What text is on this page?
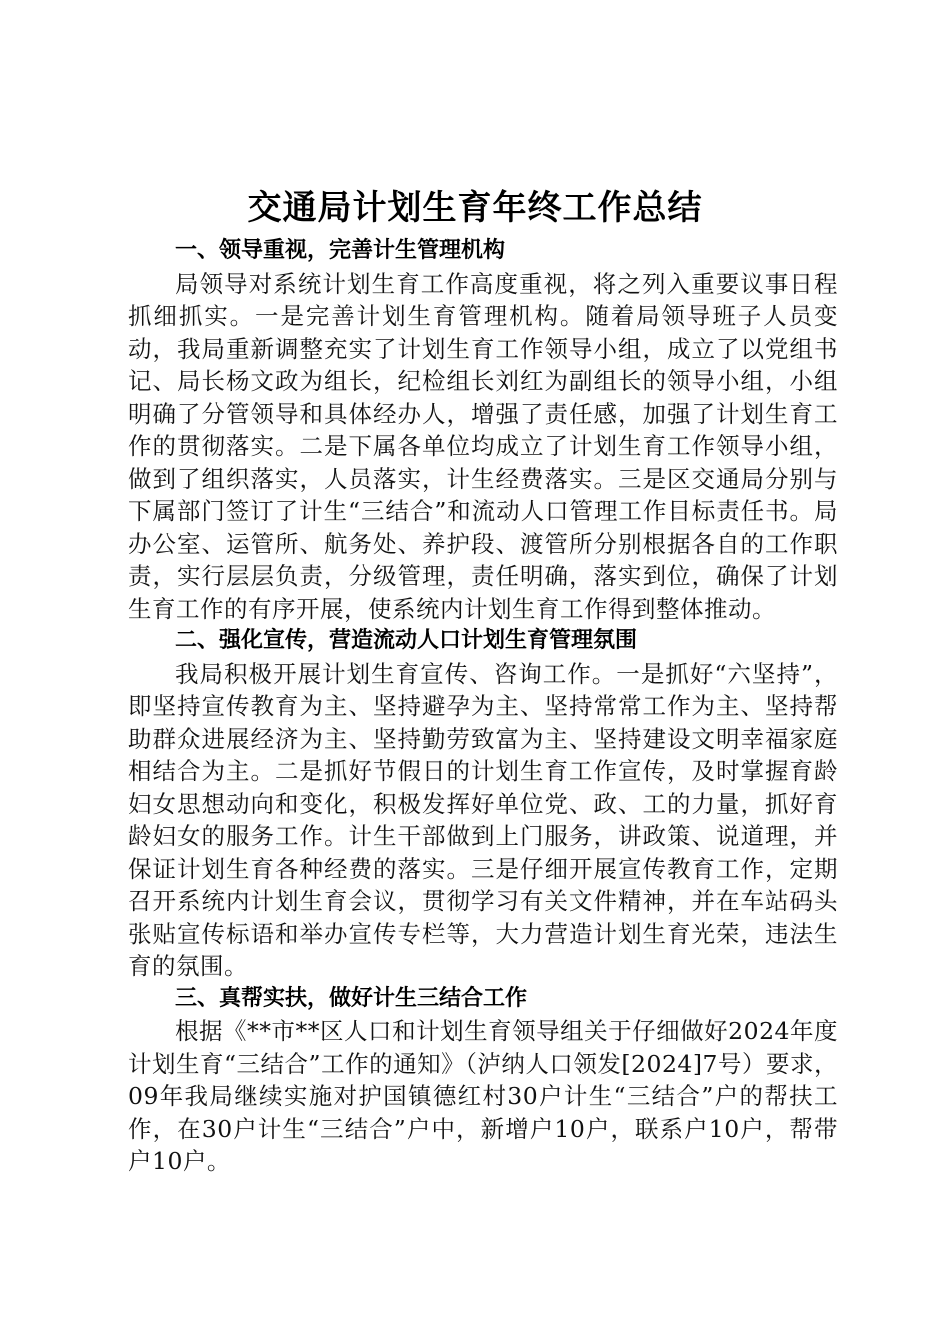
交通局计划生育年终工作总结
一、领导重视，完善计生管理机构

局领导对系统计划生育工作高度重视，将之列入重要议事日程抓细抓实。一是完善计划生育管理机构。随着局领导班子人员变动，我局重新调整充实了计划生育工作领导小组，成立了以党组书记、局长杨文政为组长，纪检组长刘红为副组长的领导小组，小组明确了分管领导和具体经办人，增强了责任感，加强了计划生育工作的贯彻落实。二是下属各单位均成立了计划生育工作领导小组，做到了组织落实，人员落实，计生经费落实。三是区交通局分别与下属部门签订了计生“三结合”和流动人口管理工作目标责任书。局办公室、运管所、航务处、养护段、渡管所分别根据各自的工作职责，实行层层负责，分级管理，责任明确，落实到位，确保了计划生育工作的有序开展，使系统内计划生育工作得到整体推动。

二、强化宣传，营造流动人口计划生育管理氛围

我局积极开展计划生育宣传、咨询工作。一是抓好“六坚持”，即坚持宣传教育为主、坚持避孕为主、坚持常常工作为主、坚持帮助群众进展经济为主、坚持勤劳致富为主、坚持建设文明幸福家庭相结合为主。二是抓好节假日的计划生育工作宣传，及时掌握育龄妇女思想动向和变化，积极发挥好单位党、政、工的力量，抓好育龄妇女的服务工作。计生干部做到上门服务，讲政策、说道理，并保证计划生育各种经费的落实。三是仔细开展宣传教育工作，定期召开系统内计划生育会议，贯彻学习有关文件精神，并在车站码头张贴宣传标语和举办宣传专栏等，大力营造计划生育光荣，违法生育的氛围。

三、真帮实扶，做好计生三结合工作

根据《**市**区人口和计划生育领导组关于仔细做好2024年度计划生育“三结合”工作的通知》（泸纳人口领发[2024]7号）要求，09年我局继续实施对护国镇德红村30户计生“三结合”户的帮扶工作，在30户计生“三结合”户中，新增户10户，联系户10户，帮带户10户。
